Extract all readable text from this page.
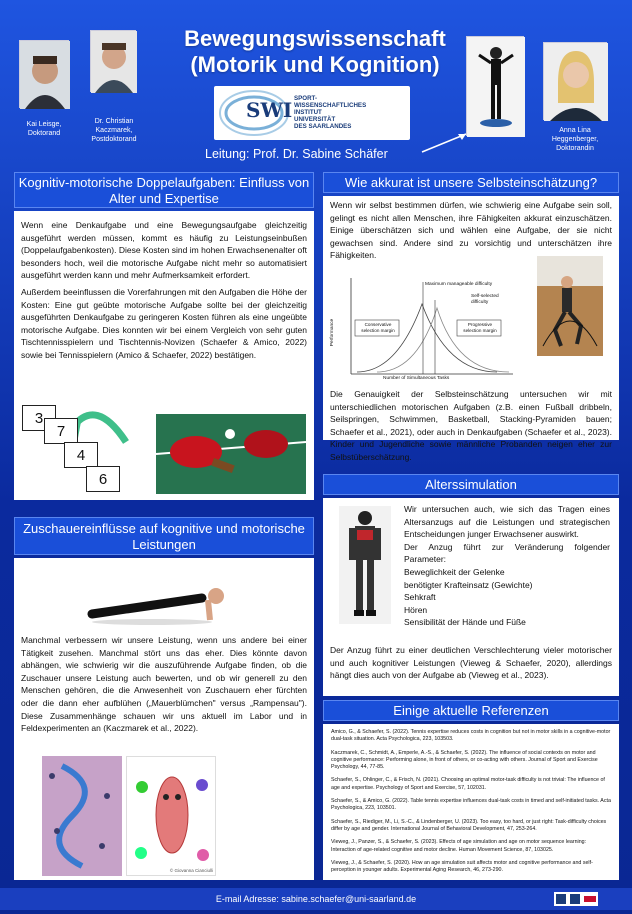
Bewegungswissenschaft
(Motorik und Kognition)
Kai Leisge,
Doktorand
Dr. Christian Kaczmarek, Postdoktorand
Anna Lina Heggenberger, Doktorandin
SWI SPORT-
WISSENSCHAFTLICHES
INSTITUT
UNIVERSITÄT
DES SAARLANDES
Leitung: Prof. Dr. Sabine Schäfer
Kognitiv-motorische Doppelaufgaben: Einfluss von Alter und Expertise

Wenn eine Denkaufgabe und eine Bewegungsaufgabe gleichzeitig ausgeführt werden müssen, kommt es häufig zu Leistungseinbußen (Doppelaufgabenkosten). Diese Kosten sind im hohen Erwachsenenalter oft besonders hoch, weil die motorische Aufgabe nicht mehr so automatisiert ausgeführt werden kann und mehr Aufmerksamkeit erfordert.

Außerdem beeinflussen die Vorerfahrungen mit den Aufgaben die Höhe der Kosten: Eine gut geübte motorische Aufgabe sollte bei der gleichzeitig ausgeführten Denkaufgabe zu geringeren Kosten führen als eine ungeübte motorische Aufgabe. Dies konnten wir bei einem Vergleich von sehr guten Tischtennisspielern und Tischtennis-Novizen (Schaefer & Amico, 2022) sowie bei Tennisspielern (Amico & Schaefer, 2022) bestätigen.

3
7
4
6
Zuschauereinflüsse auf kognitive und motorische Leistungen

Manchmal verbessern wir unsere Leistung, wenn uns andere bei einer Tätigkeit zusehen. Manchmal stört uns das eher. Dies könnte davon abhängen, wie schwierig wir die auszuführende Aufgabe finden, ob die Zuschauer unsere Leistung auch bewerten, und ob wir generell zu den Menschen gehören, die die Anwesenheit von Zuschauern eher fürchten oder die dann eher aufblühen („Mauerblümchen" versus „Rampensau"). Diese Zusammenhänge schauen wir uns aktuell im Labor und in Feldexperimenten an (Kaczmarek et al., 2022).

© Giovanna Cianciulli
Wie akkurat ist unsere Selbsteinschätzung?

Wenn wir selbst bestimmen dürfen, wie schwierig eine Aufgabe sein soll, gelingt es nicht allen Menschen, ihre Fähigkeiten akkurat einzuschätzen. Einige überschätzen sich und wählen eine Aufgabe, der sie nicht gewachsen sind. Andere sind zu vorsichtig und unterschätzen ihre Fähigkeiten.

Maximum manageable difficulty
Self-selected difficulty
Conservative selection margin
Progressive selection margin
Performance
Number of Simultaneous Tasks

Die Genauigkeit der Selbsteinschätzung untersuchen wir mit unterschiedlichen motorischen Aufgaben (z.B. einen Fußball dribbeln, Seilspringen, Schwimmen, Basketball, Stacking-Pyramiden bauen; Schaefer et al., 2021), oder auch in Denkaufgaben (Schaefer et al., 2023). Kinder und Jugendliche sowie männliche Probanden neigen eher zur Selbstüberschätzung.

Alterssimulation

Wir untersuchen auch, wie sich das Tragen eines Altersanzugs auf die Leistungen und strategischen Entscheidungen junger Erwachsener auswirkt.

Der Anzug führt zur Veränderung folgender Parameter:

Beweglichkeit der Gelenke

benötigter Krafteinsatz (Gewichte)

Sehkraft

Hören

Sensibilität der Hände und Füße

Der Anzug führt zu einer deutlichen Verschlechterung vieler motorischer und auch kognitiver Leistungen (Vieweg & Schaefer, 2020), allerdings hängt dies auch von der Aufgabe ab (Vieweg et al., 2023).

Einige aktuelle Referenzen
Amico, G., & Schaefer, S. (2022). Tennis expertise reduces costs in cognition but not in motor skills in a cognitive-motor dual-task situation. Acta Psychologica, 223, 103503.
Kaczmarek, C., Schmidt, A., Emperle, A.-S., & Schaefer, S. (2022). The influence of social contexts on motor and cognitive performance: Performing alone, in front of others, or co-acting with others. Journal of Sport and Exercise Psychology, 44, 77-85.
Schaefer, S., Ohlinger, C., & Frisch, N. (2021). Choosing an optimal motor-task difficulty is not trivial: The influence of age and expertise. Psychology of Sport and Exercise, 57, 102031.
Schaefer, S., & Amico, G. (2022). Table tennis expertise influences dual-task costs in timed and self-initiated tasks. Acta Psychologica, 223, 103501.
Schaefer, S., Riediger, M., Li, S.-C., & Lindenberger, U. (2023). Too easy, too hard, or just right: Task-difficulty choices differ by age and gender. International Journal of Behavioral Development, 47, 253-264.
Vieweg, J., Panzer, S., & Schaefer, S. (2023). Effects of age simulation and age on motor sequence learning: Interaction of age-related cognitive and motor decline. Human Movement Science, 87, 103025.
Vieweg, J., & Schaefer, S. (2020). How an age simulation suit affects motor and cognitive performance and self-perception in younger adults. Experimental Aging Research, 46, 273-290.
E-mail Adresse: sabine.schaefer@uni-saarland.de
